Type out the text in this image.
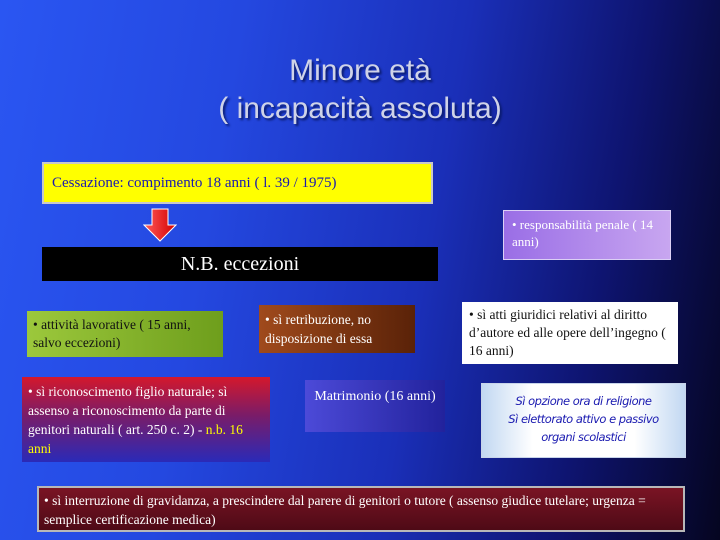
Minore età
( incapacità assoluta)
Cessazione: compimento 18 anni ( l. 39 / 1975)
• responsabilità penale ( 14 anni)
N.B. eccezioni
• attività lavorative ( 15 anni, salvo eccezioni)
• sì retribuzione, no disposizione di essa
• sì atti giuridici relativi al diritto d’autore ed alle opere dell’ingegno ( 16 anni)
• sì riconoscimento figlio naturale; sì assenso a riconoscimento da parte di genitori naturali ( art. 250 c. 2) - n.b. 16 anni
Matrimonio (16 anni)	Sì opzione ora di religione
Sì elettorato attivo e passivo
organi scolastici
• sì interruzione di gravidanza, a prescindere dal parere di genitori o tutore ( assenso giudice tutelare; urgenza = semplice certificazione medica)
